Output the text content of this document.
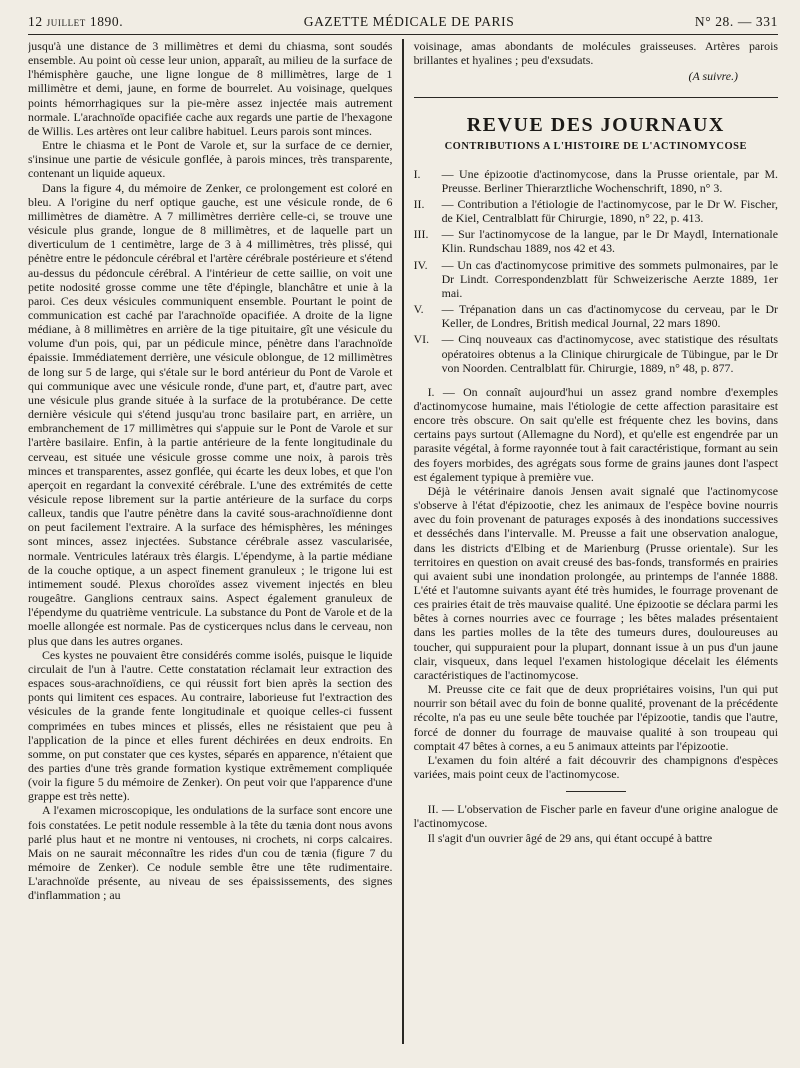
12 juillet 1890.	GAZETTE MÉDICALE DE PARIS	N° 28. — 331

jusqu'à une distance de 3 millimètres et demi du chiasma, sont soudés ensemble. Au point où cesse leur union, apparaît, au milieu de la surface de l'hémisphère gauche, une ligne longue de 8 millimètres, large de 1 millimètre et demi, jaune, en forme de bourrelet. Au voisinage, quelques points hémorrhagiques sur la pie-mère assez injectée mais autrement normale. L'arachnoïde opacifiée cache aux regards une partie de l'hexagone de Willis. Les artères ont leur calibre habituel. Leurs parois sont minces.

Entre le chiasma et le Pont de Varole et, sur la surface de ce dernier, s'insinue une partie de vésicule gonflée, à parois minces, très transparente, contenant un liquide aqueux.

Dans la figure 4, du mémoire de Zenker, ce prolongement est coloré en bleu. A l'origine du nerf optique gauche, est une vésicule ronde, de 6 millimètres de diamètre. A 7 millimètres derrière celle-ci, se trouve une vésicule plus grande, longue de 8 millimètres, et de laquelle part un diverticulum de 1 centimètre, large de 3 à 4 millimètres, très plissé, qui pénètre entre le pédoncule cérébral et l'artère cérébrale postérieure et s'étend au-dessus du pédoncule cérébral. A l'intérieur de cette saillie, on voit une petite nodosité grosse comme une tête d'épingle, blanchâtre et unie à la paroi. Ces deux vésicules communiquent ensemble. Pourtant le point de communication est caché par l'arachnoïde opacifiée. A droite de la ligne médiane, à 8 millimètres en arrière de la tige pituitaire, gît une vésicule du volume d'un pois, qui, par un pédicule mince, pénètre dans l'arachnoïde épaissie. Immédiatement derrière, une vésicule oblongue, de 12 millimètres de long sur 5 de large, qui s'étale sur le bord antérieur du Pont de Varole et qui communique avec une vésicule ronde, d'une part, et, d'autre part, avec une vésicule plus grande située à la surface de la protubérance. De cette dernière vésicule qui s'étend jusqu'au tronc basilaire part, en arrière, un embranchement de 17 millimètres qui s'appuie sur le Pont de Varole et sur l'artère basilaire. Enfin, à la partie antérieure de la fente longitudinale du cerveau, est située une vésicule grosse comme une noix, à parois très minces et transparentes, assez gonflée, qui écarte les deux lobes, et que l'on aperçoit en regardant la convexité cérébrale. L'une des extrémités de cette vésicule repose librement sur la partie antérieure de la surface du corps calleux, tandis que l'autre pénètre dans la cavité sous-arachnoïdienne dont on peut facilement l'extraire. A la surface des hémisphères, les méninges sont minces, assez injectées. Substance cérébrale assez vascularisée, normale. Ventricules latéraux très élargis. L'épendyme, à la partie médiane de la couche optique, a un aspect finement granuleux ; le trigone lui est intimement soudé. Plexus choroïdes assez vivement injectés en bleu rougeâtre. Ganglions centraux sains. Aspect également granuleux de l'épendyme du quatrième ventricule. La substance du Pont de Varole et de la moelle allongée est normale. Pas de cysticerques nclus dans le cerveau, non plus que dans les autres organes.

Ces kystes ne pouvaient être considérés comme isolés, puisque le liquide circulait de l'un à l'autre. Cette constatation réclamait leur extraction des espaces sous-arachnoïdiens, ce qui réussit fort bien après la section des ponts qui limitent ces espaces. Au contraire, laborieuse fut l'extraction des vésicules de la grande fente longitudinale et quoique celles-ci fussent comprimées en tubes minces et plissés, elles ne résistaient que peu à l'application de la pince et elles furent déchirées en deux endroits. En somme, on put constater que ces kystes, séparés en apparence, n'étaient que des parties d'une très grande formation kystique extrêmement compliquée (voir la figure 5 du mémoire de Zenker). On peut voir que l'apparence d'une grappe est très nette).

A l'examen microscopique, les ondulations de la surface sont encore une fois constatées. Le petit nodule ressemble à la tête du tænia dont nous avons parlé plus haut et ne montre ni ventouses, ni crochets, ni corps calcaires. Mais on ne saurait méconnaître les rides d'un cou de tænia (figure 7 du mémoire de Zenker). Ce nodule semble être une tête rudimentaire. L'arachnoïde présente, au niveau de ses épaississements, des signes d'inflammation ; au

voisinage, amas abondants de molécules graisseuses. Artères parois brillantes et hyalines ; peu d'exsudats.

(A suivre.)
REVUE DES JOURNAUX
CONTRIBUTIONS A L'HISTOIRE DE L'ACTINOMYCOSE
I.	— Une épizootie d'actinomycose, dans la Prusse orientale, par M. Preusse. Berliner Thierarztliche Wochenschrift, 1890, n° 3.
II.	— Contribution a l'étiologie de l'actinomycose, par le Dr W. Fischer, de Kiel, Centralblatt für Chirurgie, 1890, n° 22, p. 413.
III.	— Sur l'actinomycose de la langue, par le Dr Maydl, Internationale Klin. Rundschau 1889, nos 42 et 43.
IV.	— Un cas d'actinomycose primitive des sommets pulmonaires, par le Dr Lindt. Correspondenzblatt für Schweizerische Aerzte 1889, 1er mai.
V.	— Trépanation dans un cas d'actinomycose du cerveau, par le Dr Keller, de Londres, British medical Journal, 22 mars 1890.
VI.	— Cinq nouveaux cas d'actinomycose, avec statistique des résultats opératoires obtenus a la Clinique chirurgicale de Tübingue, par le Dr von Noorden. Centralblatt für. Chirurgie, 1889, n° 48, p. 877.

I. — On connaît aujourd'hui un assez grand nombre d'exemples d'actinomycose humaine, mais l'étiologie de cette affection parasitaire est encore très obscure. On sait qu'elle est fréquente chez les bovins, dans certains pays surtout (Allemagne du Nord), et qu'elle est engendrée par un parasite végétal, à forme rayonnée tout à fait caractéristique, formant au sein des foyers morbides, des agrégats sous forme de grains jaunes dont l'aspect est également typique à première vue.

Déjà le vétérinaire danois Jensen avait signalé que l'actinomycose s'observe à l'état d'épizootie, chez les animaux de l'espèce bovine nourris avec du foin provenant de paturages exposés à des inondations successives et desséchés dans l'intervalle. M. Preusse a fait une observation analogue, dans les districts d'Elbing et de Marienburg (Prusse orientale). Sur les territoires en question on avait creusé des bas-fonds, transformés en prairies qui avaient subi une inondation prolongée, au printemps de l'année 1888. L'été et l'automne suivants ayant été très humides, le fourrage provenant de ces prairies était de très mauvaise qualité. Une épizootie se déclara parmi les bêtes à cornes nourries avec ce fourrage ; les bêtes malades présentaient dans les parties molles de la tête des tumeurs dures, douloureuses au toucher, qui suppuraient pour la plupart, donnant issue à un pus d'un jaune clair, visqueux, dans lequel l'examen histologique décelait les éléments caractéristiques de l'actinomycose.

M. Preusse cite ce fait que de deux propriétaires voisins, l'un qui put nourrir son bétail avec du foin de bonne qualité, provenant de la précédente récolte, n'a pas eu une seule bête touchée par l'épizootie, tandis que l'autre, forcé de donner du fourrage de mauvaise qualité à son troupeau qui comptait 47 bêtes à cornes, a eu 5 animaux atteints par l'épizootie.

L'examen du foin altéré a fait découvrir des champignons d'espèces variées, mais point ceux de l'actinomycose.

II. — L'observation de Fischer parle en faveur d'une origine analogue de l'actinomycose.

Il s'agit d'un ouvrier âgé de 29 ans, qui étant occupé à battre
